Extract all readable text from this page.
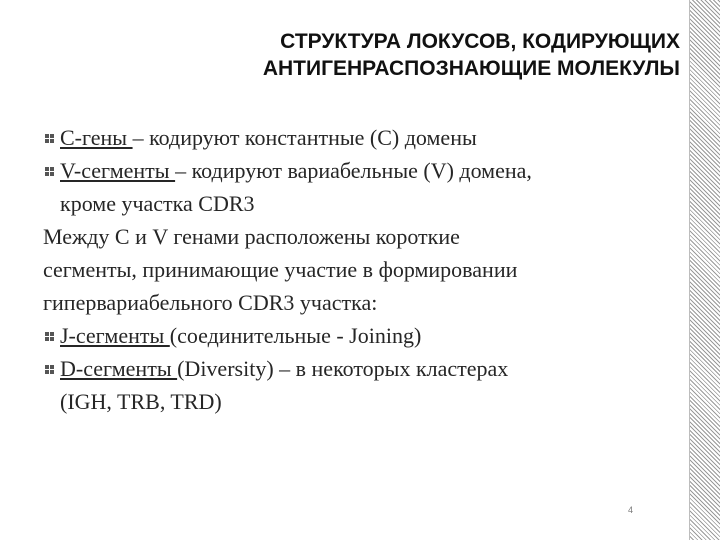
СТРУКТУРА ЛОКУСОВ, КОДИРУЮЩИХ
АНТИГЕНРАСПОЗНАЮЩИЕ МОЛЕКУЛЫ
С-гены – кодируют константные (С) домены
V-сегменты – кодируют вариабельные (V) домена,
кроме участка CDR3
Между С и V генами расположены короткие
сегменты, принимающие участие в формировании
гипервариабельного CDR3 участка:
J-сегменты (соединительные - Joining)
D-сегменты (Diversity) – в некоторых кластерах
(IGH, TRB, TRD)
4
